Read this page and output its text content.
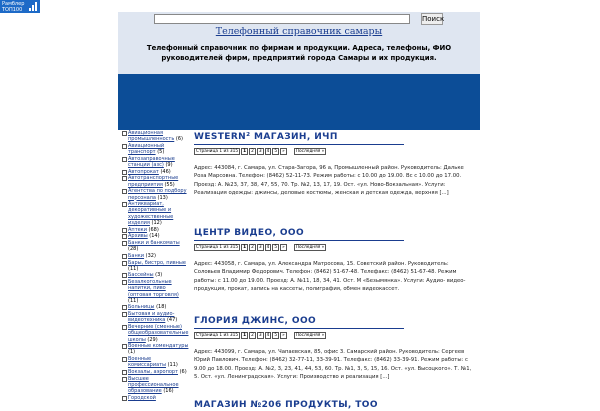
Рамблер
ТОП100
Поиск
Телефонный справочник самары
Телефонный справочник по фирмам и продукции. Адреса, телефоны, ФИО руководителей фирм, предприятий города Самары и их продукция.
Авиационная промышленность (6)
Авиационный транспорт (5)
Автозаправочные станции (азс) (9)
Автопрокат (46)
Автотранспортные предприятия (55)
Агентства по подбору персонала (13)
Антиквариат, декоративные и художественные изделия (12)
Аптеки (68)
Архивы (14)
Банки и банкоматы (28)
Банки (32)
Бары, бистро, пивные (11)
Бассейны (3)
Безалкогольные напитки, пиво (оптовая торговля) (11)
Больницы (18)
Бытовая и аудио-видеотехника (47)
Вечерние (сменные) общеобразовательные школы (29)
Военные комендатуры (1)
Военные комиссариаты (11)
Вокзалы, аэропорт (6)
Высшее профессиональное образование (16)
Городской
WESTERN² МАГАЗИН, ИЧП
Страница 1 из 315	1	2	3	4	5	»	Последняя »

Адрес: 443084, г. Самара, ул. Стара-Загора, 96 а, Промышленный район. Руководитель: Дальке Роза Марсовна. Телефон: (8462) 52-11-73. Режим работы: с 10.00 до 19.00. Вс с 10.00 до 17.00. Проезд: А. №23, 37, 38, 47, 55, 70. Тр. №2, 13, 17, 19. Ост. «ул. Ново-Вокзальная». Услуги: Реализация одежды: джинсы, деловые костюмы, женская и детская одежда, верхняя [...]

ЦЕНТР ВИДЕО, ООО
Страница 1 из 315	1	2	3	4	5	»	Последняя »

Адрес: 443058, г. Самара, ул. Александра Матросова, 15. Советский район. Руководитель: Соловьев Владимир Федорович. Телефон: (8462) 51-67-48. Телефакс: (8462) 51-67-48. Режим работы: с 11.00 до 19.00. Проезд: А. №11, 18, 34, 41. Ост. М «Безымянка». Услуги: Аудио- видео- продукция, прокат, запись на кассеты, полиграфия, обмен видеокассет.

ГЛОРИЯ ДЖИНС, ООО
Страница 1 из 315	1	2	3	4	5	»	Последняя »

Адрес: 443099, г. Самара, ул. Чапаевская, 85, офис 3. Самарский район. Руководитель: Сергеев Юрий Павлович. Телефон: (8462) 32-77-11, 33-39-91. Телефакс: (8462) 33-39-91. Режим работы: с 9.00 до 18.00. Проезд: А. №2, 3, 23, 41, 44, 53, 60. Тр. №1, 3, 5, 15, 16. Ост. «ул. Высоцкого». Т. №1, 5. Ост. «ул. Ленинградская». Услуги: Производство и реализация [...]

МАГАЗИН №206 ПРОДУКТЫ, ТОО
